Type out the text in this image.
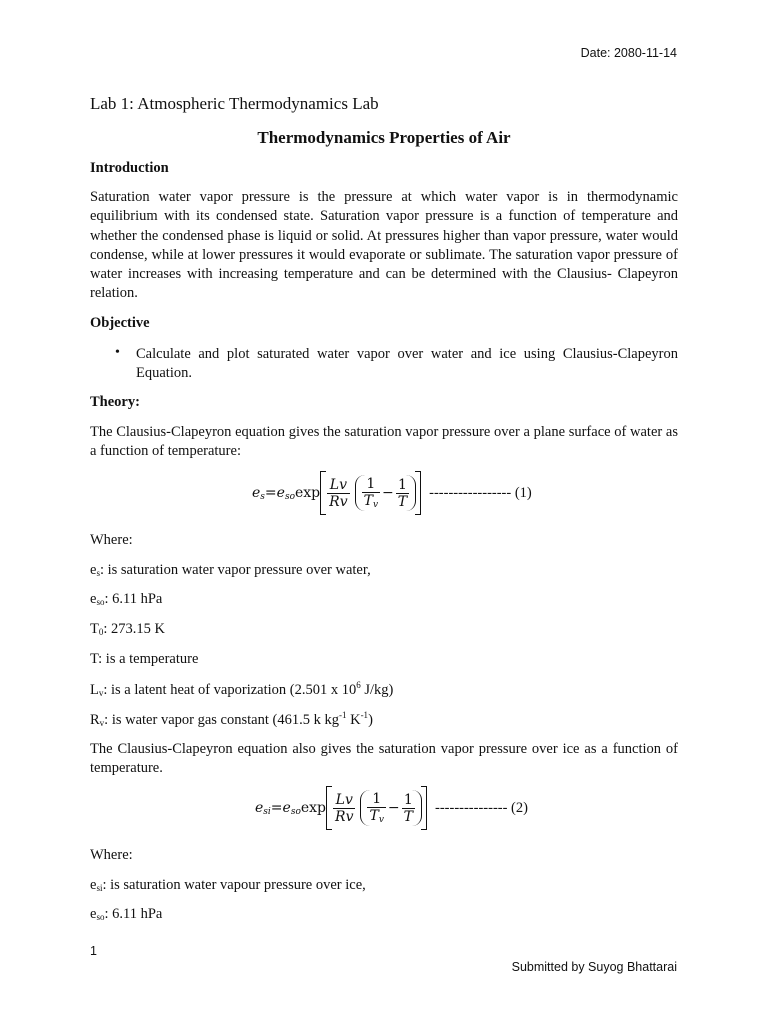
Date: 2080-11-14
Lab 1: Atmospheric Thermodynamics Lab
Thermodynamics Properties of Air
Introduction
Saturation water vapor pressure is the pressure at which water vapor is in thermodynamic equilibrium with its condensed state. Saturation vapor pressure is a function of temperature and whether the condensed phase is liquid or solid. At pressures higher than vapor pressure, water would condense, while at lower pressures it would evaporate or sublimate. The saturation vapor pressure of water increases with increasing temperature and can be determined with the Clausius- Clapeyron relation.
Objective
• Calculate and plot saturated water vapor over water and ice using Clausius-Clapeyron Equation.
Theory:
The Clausius-Clapeyron equation gives the saturation vapor pressure over a plane surface of water as a function of temperature:
$e_s = e_{so}$ $\exp \frac{Lv}{Rv} \frac{1}{T_v} - \frac{1}{T}$ ----------------- (1)
Where:
$e_s$: is saturation water vapor pressure over water,
$e_{so}$: 6.11 hPa
$T_0$: 273.15 K
T: is a temperature
$L_v$: is a latent heat of vaporization (2.501 x $10^6$ J/kg)
$R_v$: is water vapor gas constant (461.5 k $kg^{-1}$ $K^{-1}$)
The Clausius-Clapeyron equation also gives the saturation vapor pressure over ice as a function of temperature.
$e_{si} = e_{so}$ $\exp \frac{Lv}{Rv} \frac{1}{T_v} - \frac{1}{T}$ --------------- (2)
Where:
$e_{si}$: is saturation water vapour pressure over ice,
$e_{so}$: 6.11 hPa
1
Submitted by Suyog Bhattarai
